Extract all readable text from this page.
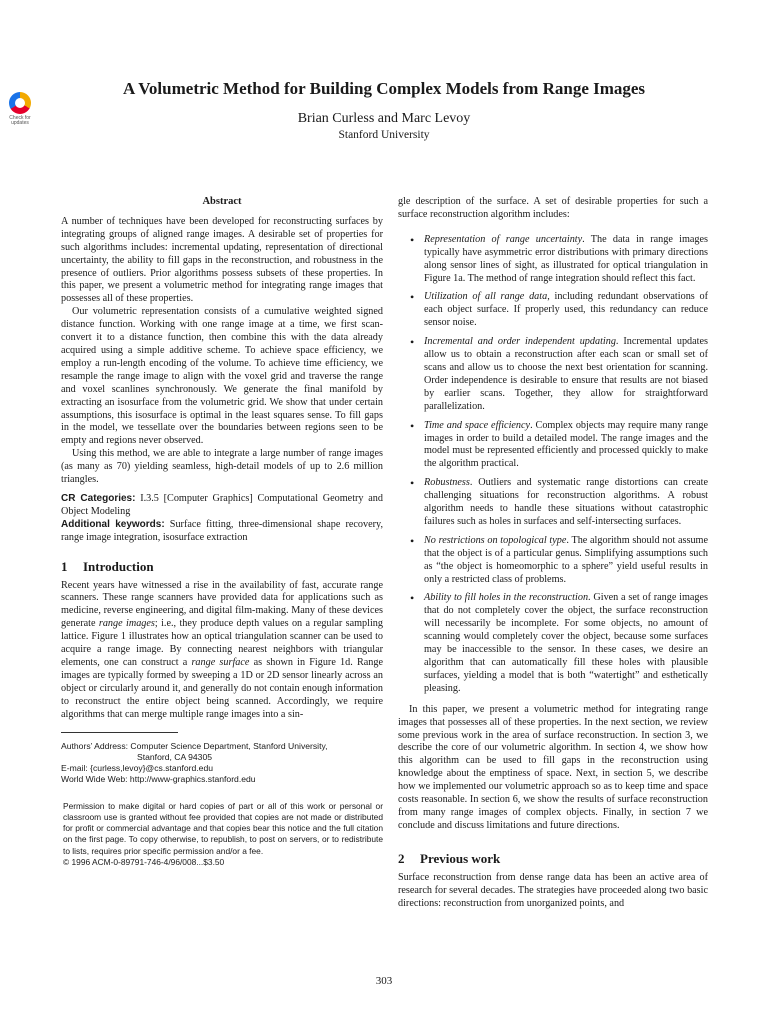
Check for updates
A Volumetric Method for Building Complex Models from Range Images

Brian Curless and Marc Levoy

Stanford University

Abstract

A number of techniques have been developed for reconstructing surfaces by integrating groups of aligned range images. A desirable set of properties for such algorithms includes: incremental updating, representation of directional uncertainty, the ability to fill gaps in the reconstruction, and robustness in the presence of outliers. Prior algorithms possess subsets of these properties. In this paper, we present a volumetric method for integrating range images that possesses all of these properties.

Our volumetric representation consists of a cumulative weighted signed distance function. Working with one range image at a time, we first scan-convert it to a distance function, then combine this with the data already acquired using a simple additive scheme. To achieve space efficiency, we employ a run-length encoding of the volume. To achieve time efficiency, we resample the range image to align with the voxel grid and traverse the range and voxel scanlines synchronously. We generate the final manifold by extracting an isosurface from the volumetric grid. We show that under certain assumptions, this isosurface is optimal in the least squares sense. To fill gaps in the model, we tessellate over the boundaries between regions seen to be empty and regions never observed.

Using this method, we are able to integrate a large number of range images (as many as 70) yielding seamless, high-detail models of up to 2.6 million triangles.

CR Categories: I.3.5 [Computer Graphics] Computational Geometry and Object Modeling

Additional keywords: Surface fitting, three-dimensional shape recovery, range image integration, isosurface extraction

1 Introduction

Recent years have witnessed a rise in the availability of fast, accurate range scanners. These range scanners have provided data for applications such as medicine, reverse engineering, and digital film-making. Many of these devices generate range images; i.e., they produce depth values on a regular sampling lattice. Figure 1 illustrates how an optical triangulation scanner can be used to acquire a range image. By connecting nearest neighbors with triangular elements, one can construct a range surface as shown in Figure 1d. Range images are typically formed by sweeping a 1D or 2D sensor linearly across an object or circularly around it, and generally do not contain enough information to reconstruct the entire object being scanned. Accordingly, we require algorithms that can merge multiple range images into a sin-

Authors’ Address: Computer Science Department, Stanford University,
Stanford, CA 94305
E-mail: {curless,levoy}@cs.stanford.edu
World Wide Web: http://www-graphics.stanford.edu
Permission to make digital or hard copies of part or all of this work or personal or classroom use is granted without fee provided that copies are not made or distributed for profit or commercial advantage and that copies bear this notice and the full citation on the first page. To copy otherwise, to republish, to post on servers, or to redistribute to lists, requires prior specific permission and/or a fee.
© 1996 ACM-0-89791-746-4/96/008...$3.50

gle description of the surface. A set of desirable properties for such a surface reconstruction algorithm includes:

• Representation of range uncertainty. The data in range images typically have asymmetric error distributions with primary directions along sensor lines of sight, as illustrated for optical triangulation in Figure 1a. The method of range integration should reflect this fact.
• Utilization of all range data, including redundant observations of each object surface. If properly used, this redundancy can reduce sensor noise.
• Incremental and order independent updating. Incremental updates allow us to obtain a reconstruction after each scan or small set of scans and allow us to choose the next best orientation for scanning. Order independence is desirable to ensure that results are not biased by earlier scans. Together, they allow for straightforward parallelization.
• Time and space efficiency. Complex objects may require many range images in order to build a detailed model. The range images and the model must be represented efficiently and processed quickly to make the algorithm practical.
• Robustness. Outliers and systematic range distortions can create challenging situations for reconstruction algorithms. A robust algorithm needs to handle these situations without catastrophic failures such as holes in surfaces and self-intersecting surfaces.
• No restrictions on topological type. The algorithm should not assume that the object is of a particular genus. Simplifying assumptions such as “the object is homeomorphic to a sphere” yield useful results in only a restricted class of problems.
• Ability to fill holes in the reconstruction. Given a set of range images that do not completely cover the object, the surface reconstruction will necessarily be incomplete. For some objects, no amount of scanning would completely cover the object, because some surfaces may be inaccessible to the sensor. In these cases, we desire an algorithm that can automatically fill these holes with plausible surfaces, yielding a model that is both “watertight” and esthetically pleasing.

In this paper, we present a volumetric method for integrating range images that possesses all of these properties. In the next section, we review some previous work in the area of surface reconstruction. In section 3, we describe the core of our volumetric algorithm. In section 4, we show how this algorithm can be used to fill gaps in the reconstruction using knowledge about the emptiness of space. Next, in section 5, we describe how we implemented our volumetric approach so as to keep time and space costs reasonable. In section 6, we show the results of surface reconstruction from many range images of complex objects. Finally, in section 7 we conclude and discuss limitations and future directions.

2 Previous work

Surface reconstruction from dense range data has been an active area of research for several decades. The strategies have proceeded along two basic directions: reconstruction from unorganized points, and

303
